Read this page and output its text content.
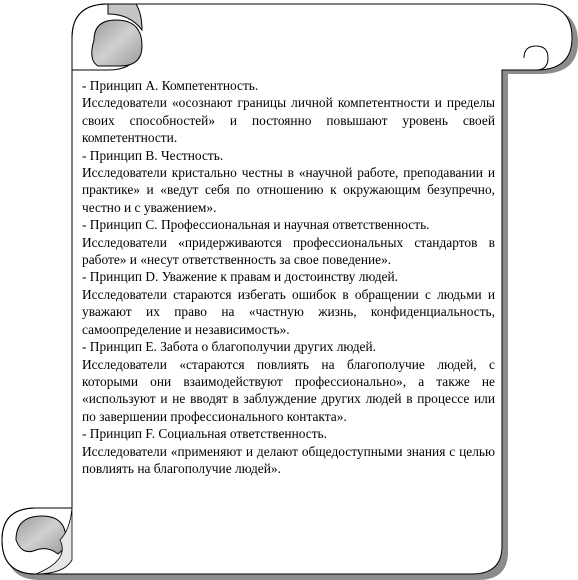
- Принцип А. Компетентность.

Исследователи «осознают границы личной компетентности и пределы своих способностей» и постоянно повышают уровень своей компетентности.

- Принцип В. Честность.

Исследователи кристально честны в «научной работе, преподавании и практике» и «ведут себя по отношению к окружающим безупречно, честно и с уважением».

- Принцип С. Профессиональная и научная ответственность.

Исследователи «придерживаются профессиональных стандартов в работе» и «несут ответственность за свое поведение».

- Принцип D. Уважение к правам и достоинству людей.

Исследователи стараются избегать ошибок в обращении с людьми и уважают их право на «частную жизнь, конфиденциальность, самоопределение и независимость».

- Принцип Е. Забота о благополучии других людей.

Исследователи «стараются повлиять на благополучие людей, с которыми они взаимодействуют профессионально», а также не «используют и не вводят в заблуждение других людей в процессе или по завершении профессионального контакта».

- Принцип F. Социальная ответственность.

Исследователи «применяют и делают общедоступными знания с целью повлиять на благополучие людей».
